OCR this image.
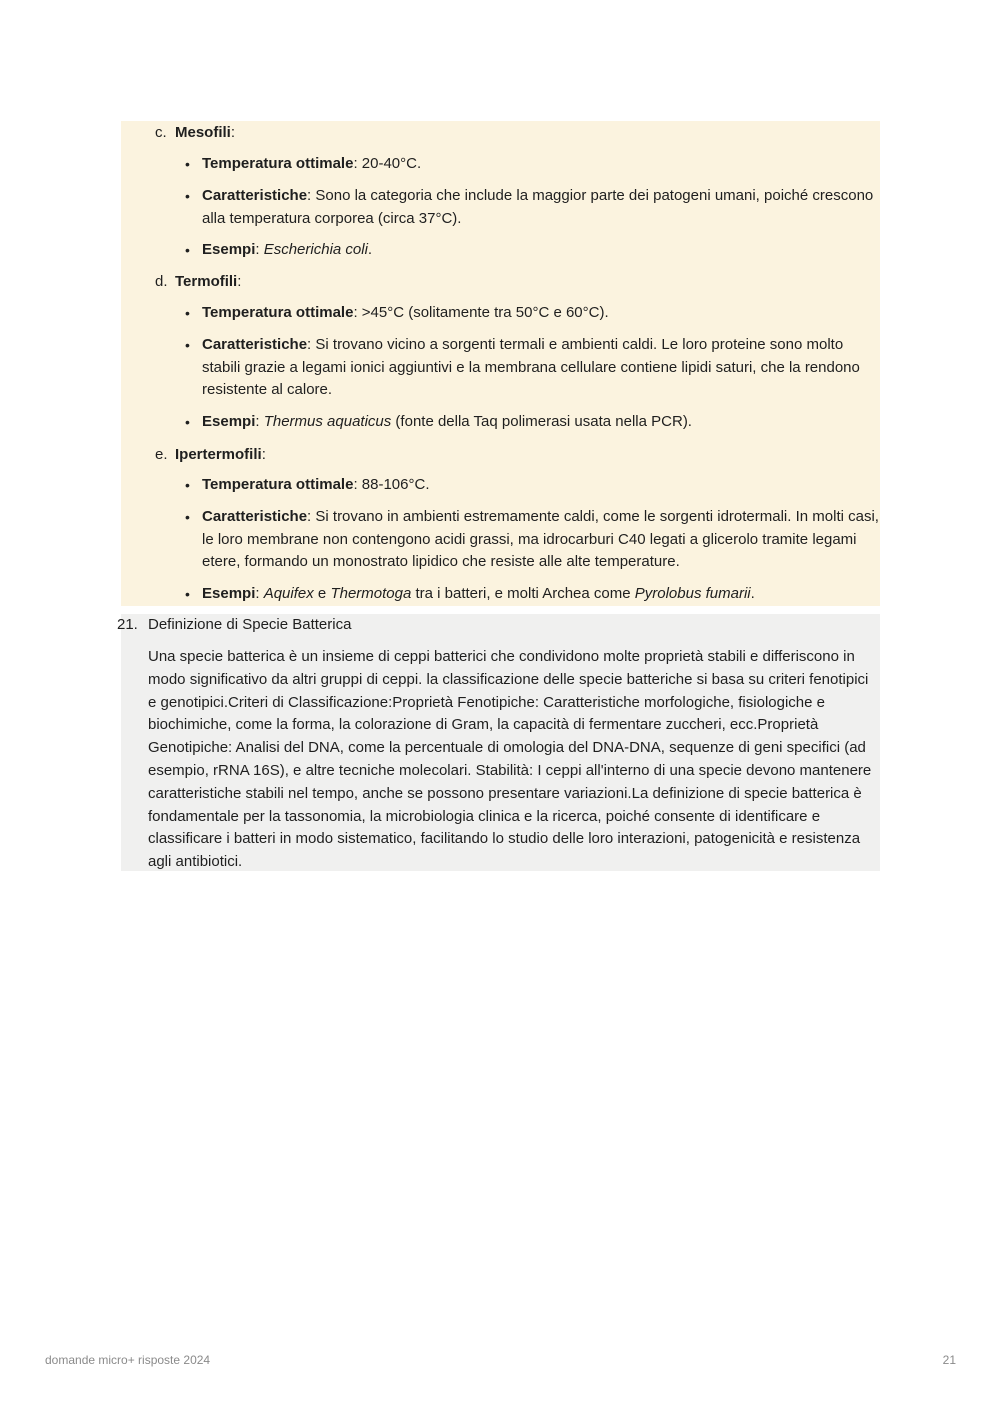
c. Mesofili:
• Temperatura ottimale: 20-40°C.
• Caratteristiche: Sono la categoria che include la maggior parte dei patogeni umani, poiché crescono alla temperatura corporea (circa 37°C).
• Esempi: Escherichia coli.
d. Termofili:
• Temperatura ottimale: >45°C (solitamente tra 50°C e 60°C).
• Caratteristiche: Si trovano vicino a sorgenti termali e ambienti caldi. Le loro proteine sono molto stabili grazie a legami ionici aggiuntivi e la membrana cellulare contiene lipidi saturi, che la rendono resistente al calore.
• Esempi: Thermus aquaticus (fonte della Taq polimerasi usata nella PCR).
e. Ipertermofili:
• Temperatura ottimale: 88-106°C.
• Caratteristiche: Si trovano in ambienti estremamente caldi, come le sorgenti idrotermali. In molti casi, le loro membrane non contengono acidi grassi, ma idrocarburi C40 legati a glicerolo tramite legami etere, formando un monostrato lipidico che resiste alle alte temperature.
• Esempi: Aquifex e Thermotoga tra i batteri, e molti Archea come Pyrolobus fumarii.
21. Definizione di Specie Batterica
Una specie batterica è un insieme di ceppi batterici che condividono molte proprietà stabili e differiscono in modo significativo da altri gruppi di ceppi. la classificazione delle specie batteriche si basa su criteri fenotipici e genotipici.Criteri di Classificazione:Proprietà Fenotipiche: Caratteristiche morfologiche, fisiologiche e biochimiche, come la forma, la colorazione di Gram, la capacità di fermentare zuccheri, ecc.Proprietà Genotipiche: Analisi del DNA, come la percentuale di omologia del DNA-DNA, sequenze di geni specifici (ad esempio, rRNA 16S), e altre tecniche molecolari. Stabilità: I ceppi all'interno di una specie devono mantenere caratteristiche stabili nel tempo, anche se possono presentare variazioni.La definizione di specie batterica è fondamentale per la tassonomia, la microbiologia clinica e la ricerca, poiché consente di identificare e classificare i batteri in modo sistematico, facilitando lo studio delle loro interazioni, patogenicità e resistenza agli antibiotici.
domande micro+ risposte 2024	21
